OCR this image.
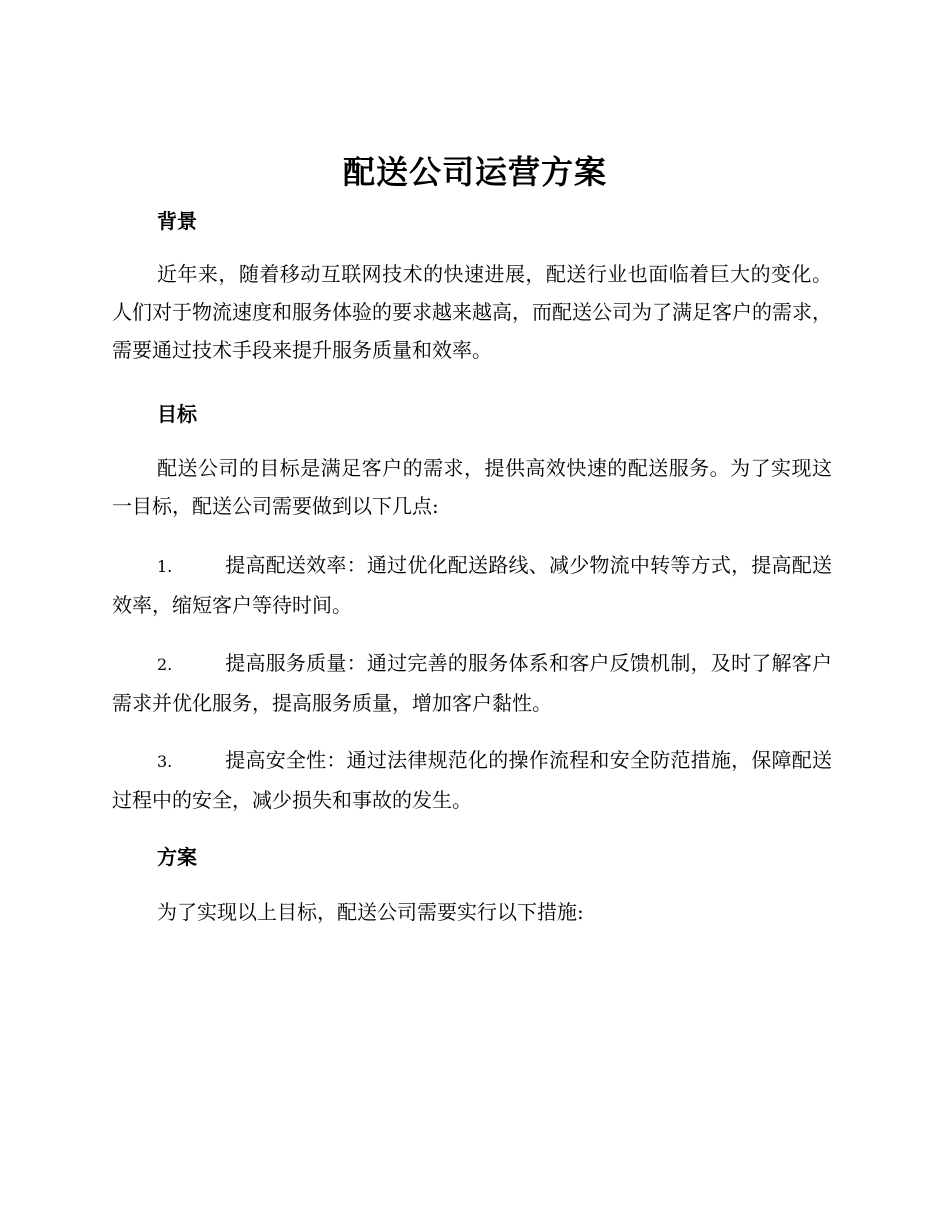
配送公司运营方案
背景

近年来，随着移动互联网技术的快速进展，配送行业也面临着巨大的变化。人们对于物流速度和服务体验的要求越来越高，而配送公司为了满足客户的需求，需要通过技术手段来提升服务质量和效率。

目标

配送公司的目标是满足客户的需求，提供高效快速的配送服务。为了实现这一目标，配送公司需要做到以下几点:

1.	提高配送效率：通过优化配送路线、减少物流中转等方式，提高配送效率，缩短客户等待时间。

2.	提高服务质量：通过完善的服务体系和客户反馈机制，及时了解客户需求并优化服务，提高服务质量，增加客户黏性。

3.	提高安全性：通过法律规范化的操作流程和安全防范措施，保障配送过程中的安全，减少损失和事故的发生。

方案

为了实现以上目标，配送公司需要实行以下措施:
